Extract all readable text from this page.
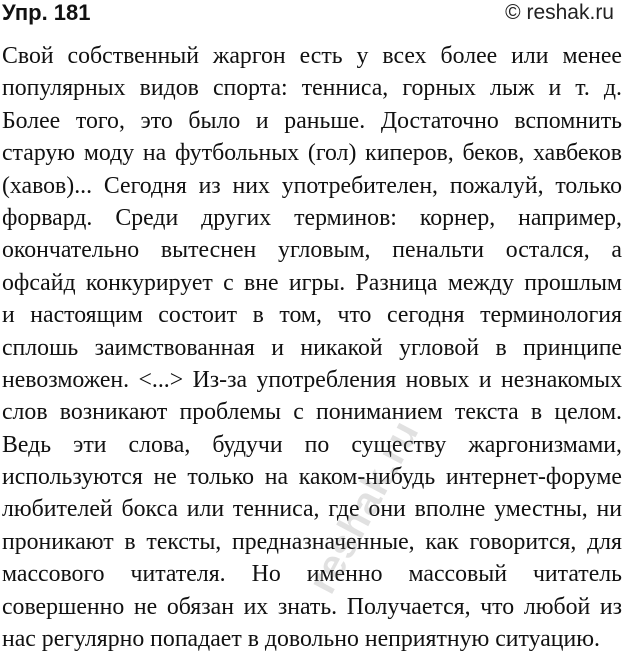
Упр. 181	© reshak.ru
Свой собственный жаргон есть у всех более или менее
популярных видов спорта: тенниса, горных лыж и т. д.
Более того, это было и раньше. Достаточно вспомнить
старую моду на футбольных (гол) киперов, беков, хавбеков
(хавов)... Сегодня из них употребителен, пожалуй, только
форвард. Среди других терминов: корнер, например,
окончательно вытеснен угловым, пенальти остался, а
офсайд конкурирует с вне игры. Разница между прошлым
и настоящим состоит в том, что сегодня терминология
сплошь заимствованная и никакой угловой в принципе
невозможен. <...> Из-за употребления новых и незнакомых
слов возникают проблемы с пониманием текста в целом.
Ведь эти слова, будучи по существу жаргонизмами,
используются не только на каком-нибудь интернет-форуме
любителей бокса или тенниса, где они вполне уместны, ни
проникают в тексты, предназначенные, как говорится, для
массового читателя. Но именно массовый читатель
совершенно не обязан их знать. Получается, что любой из
нас регулярно попадает в довольно неприятную ситуацию.
reshak.ru
